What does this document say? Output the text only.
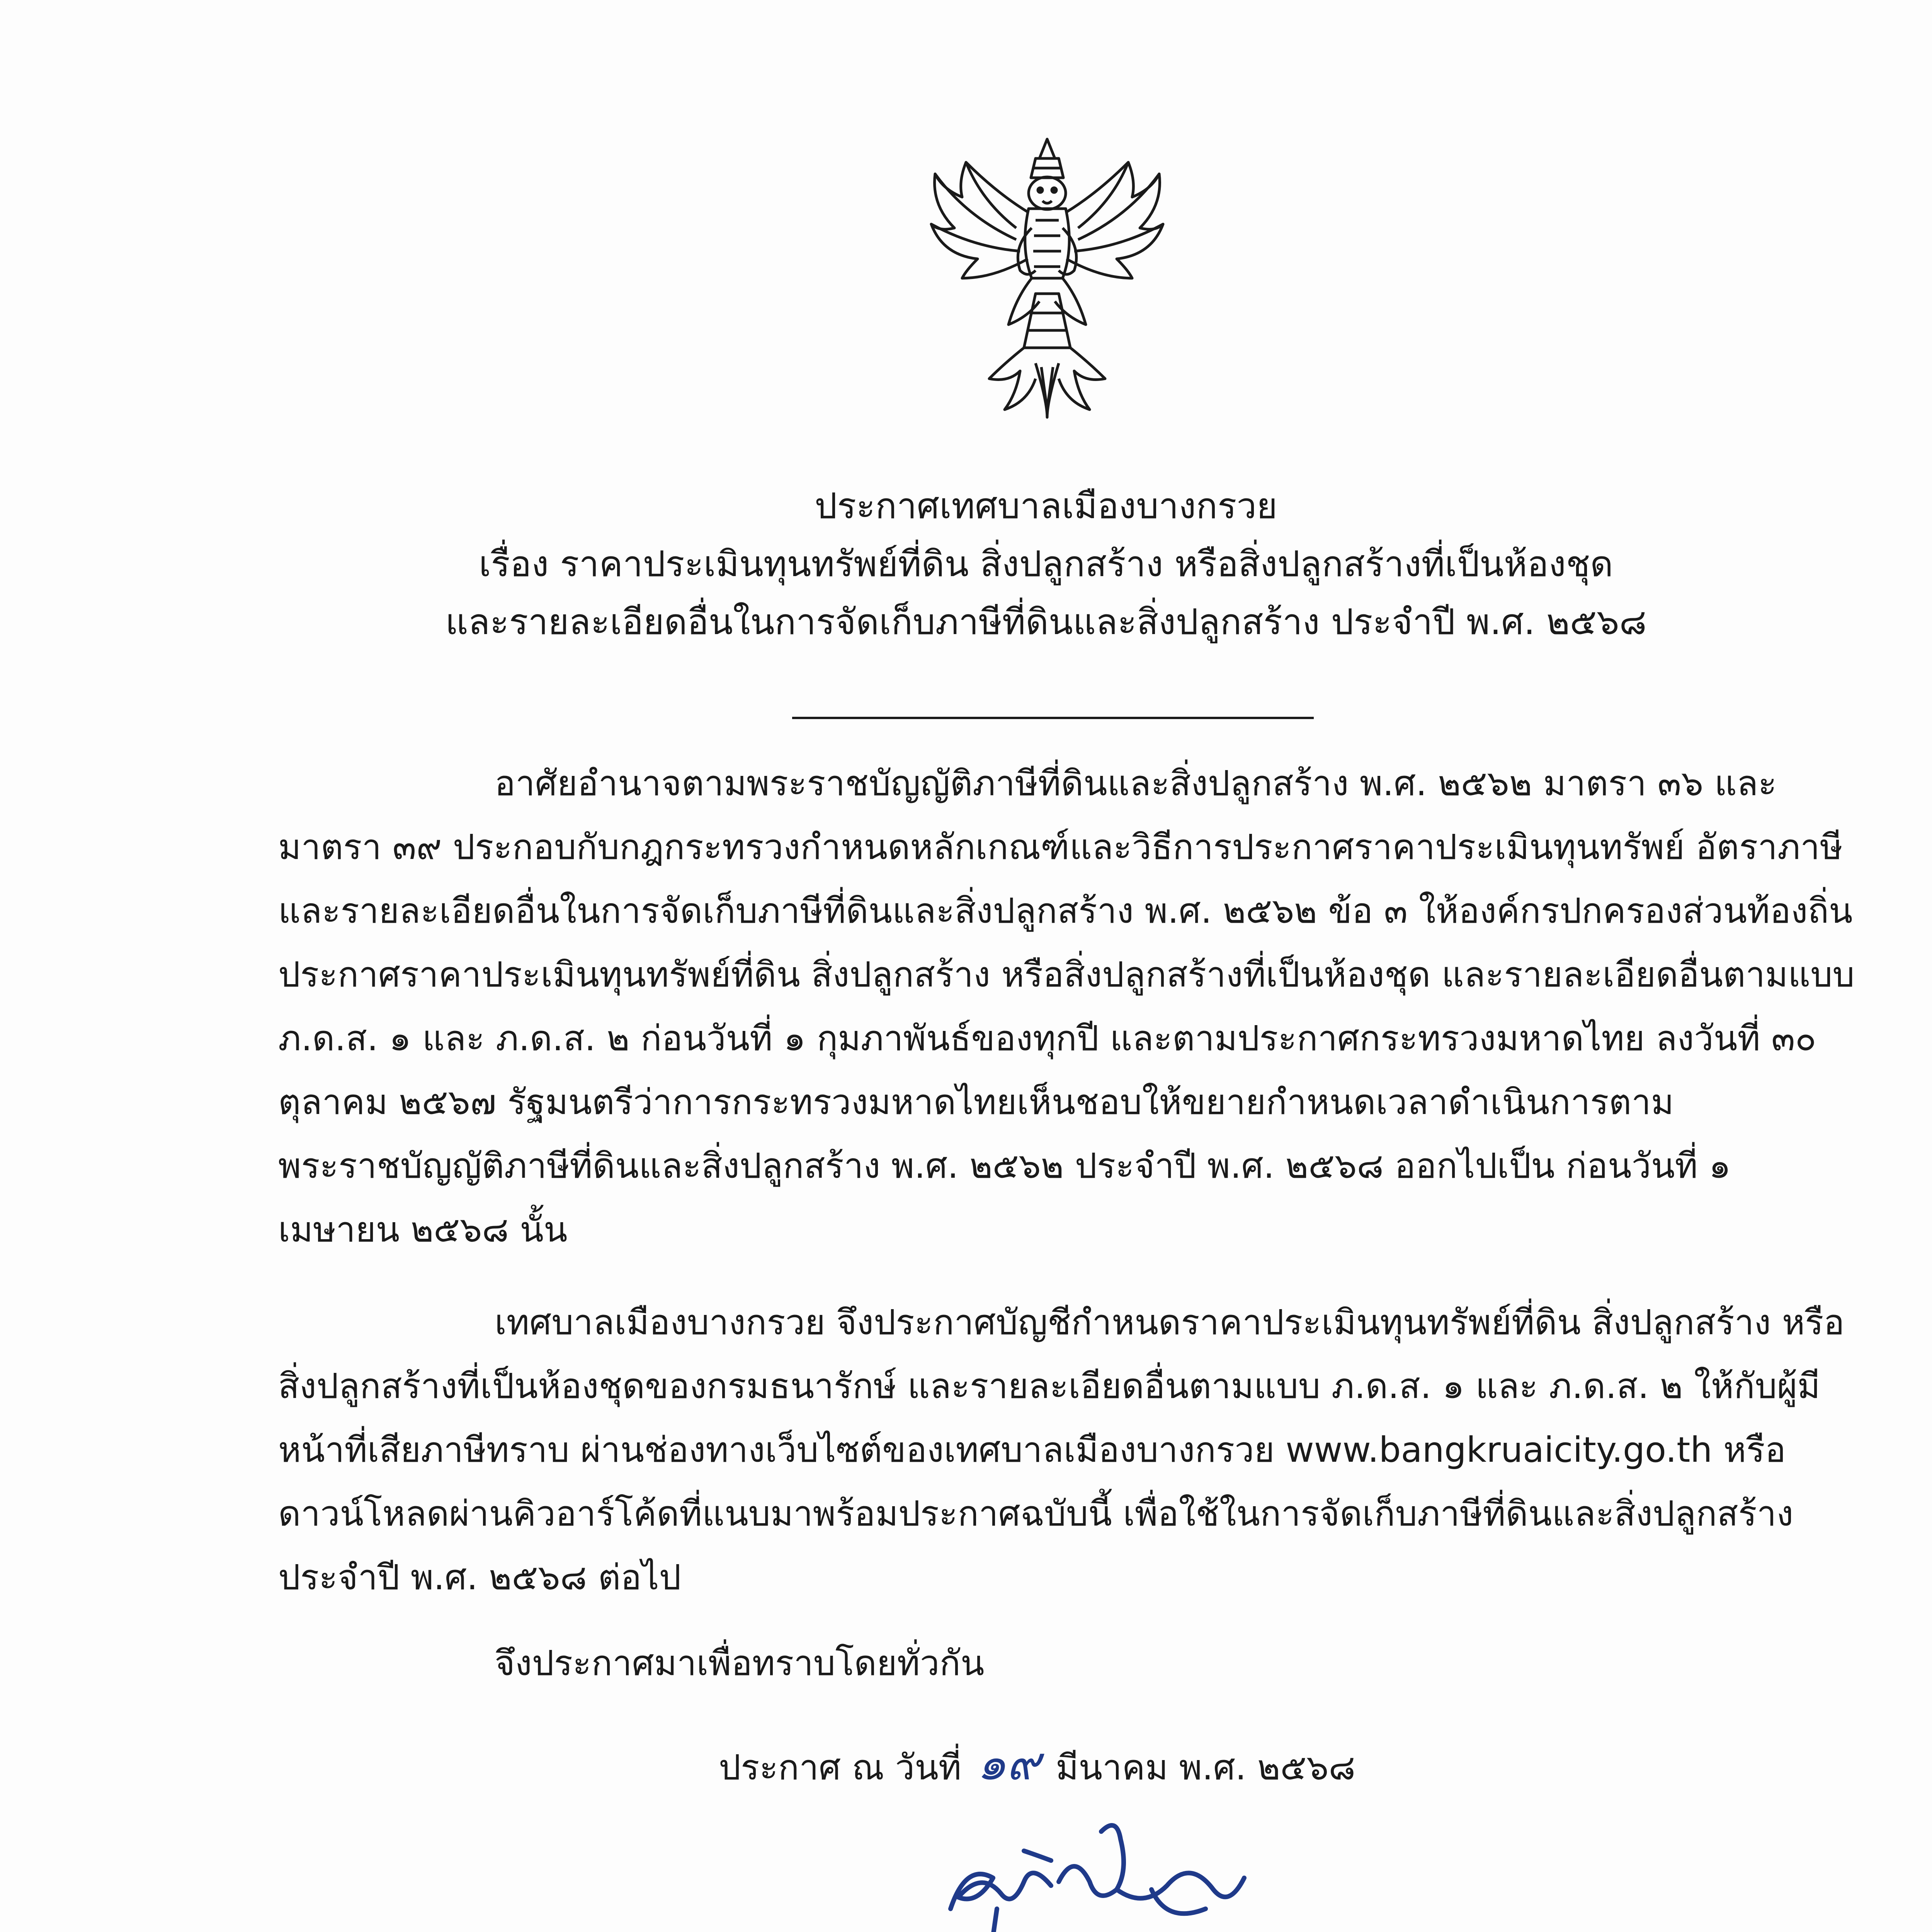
ประกาศเทศบาลเมืองบางกรวย
เรื่อง ราคาประเมินทุนทรัพย์ที่ดิน สิ่งปลูกสร้าง หรือสิ่งปลูกสร้างที่เป็นห้องชุด
และรายละเอียดอื่นในการจัดเก็บภาษีที่ดินและสิ่งปลูกสร้าง ประจำปี พ.ศ. ๒๕๖๘
อาศัยอำนาจตามพระราชบัญญัติภาษีที่ดินและสิ่งปลูกสร้าง พ.ศ. ๒๕๖๒ มาตรา ๓๖ และ
มาตรา ๓๙ ประกอบกับกฎกระทรวงกำหนดหลักเกณฑ์และวิธีการประกาศราคาประเมินทุนทรัพย์ อัตราภาษี
และรายละเอียดอื่นในการจัดเก็บภาษีที่ดินและสิ่งปลูกสร้าง พ.ศ. ๒๕๖๒ ข้อ ๓ ให้องค์กรปกครองส่วนท้องถิ่น
ประกาศราคาประเมินทุนทรัพย์ที่ดิน สิ่งปลูกสร้าง หรือสิ่งปลูกสร้างที่เป็นห้องชุด และรายละเอียดอื่นตามแบบ
ภ.ด.ส. ๑ และ ภ.ด.ส. ๒ ก่อนวันที่ ๑ กุมภาพันธ์ของทุกปี และตามประกาศกระทรวงมหาดไทย ลงวันที่ ๓๐
ตุลาคม ๒๕๖๗ รัฐมนตรีว่าการกระทรวงมหาดไทยเห็นชอบให้ขยายกำหนดเวลาดำเนินการตาม
พระราชบัญญัติภาษีที่ดินและสิ่งปลูกสร้าง พ.ศ. ๒๕๖๒ ประจำปี พ.ศ. ๒๕๖๘ ออกไปเป็น ก่อนวันที่ ๑
เมษายน ๒๕๖๘ นั้น
เทศบาลเมืองบางกรวย จึงประกาศบัญชีกำหนดราคาประเมินทุนทรัพย์ที่ดิน สิ่งปลูกสร้าง หรือ
สิ่งปลูกสร้างที่เป็นห้องชุดของกรมธนารักษ์ และรายละเอียดอื่นตามแบบ ภ.ด.ส. ๑ และ ภ.ด.ส. ๒ ให้กับผู้มี
หน้าที่เสียภาษีทราบ ผ่านช่องทางเว็บไซต์ของเทศบาลเมืองบางกรวย www.bangkruaicity.go.th หรือ
ดาวน์โหลดผ่านคิวอาร์โค้ดที่แนบมาพร้อมประกาศฉบับนี้ เพื่อใช้ในการจัดเก็บภาษีที่ดินและสิ่งปลูกสร้าง
ประจำปี พ.ศ. ๒๕๖๘ ต่อไป
จึงประกาศมาเพื่อทราบโดยทั่วกัน
ประกาศ ณ วันที่ ๑๙ มีนาคม พ.ศ. ๒๕๖๘
